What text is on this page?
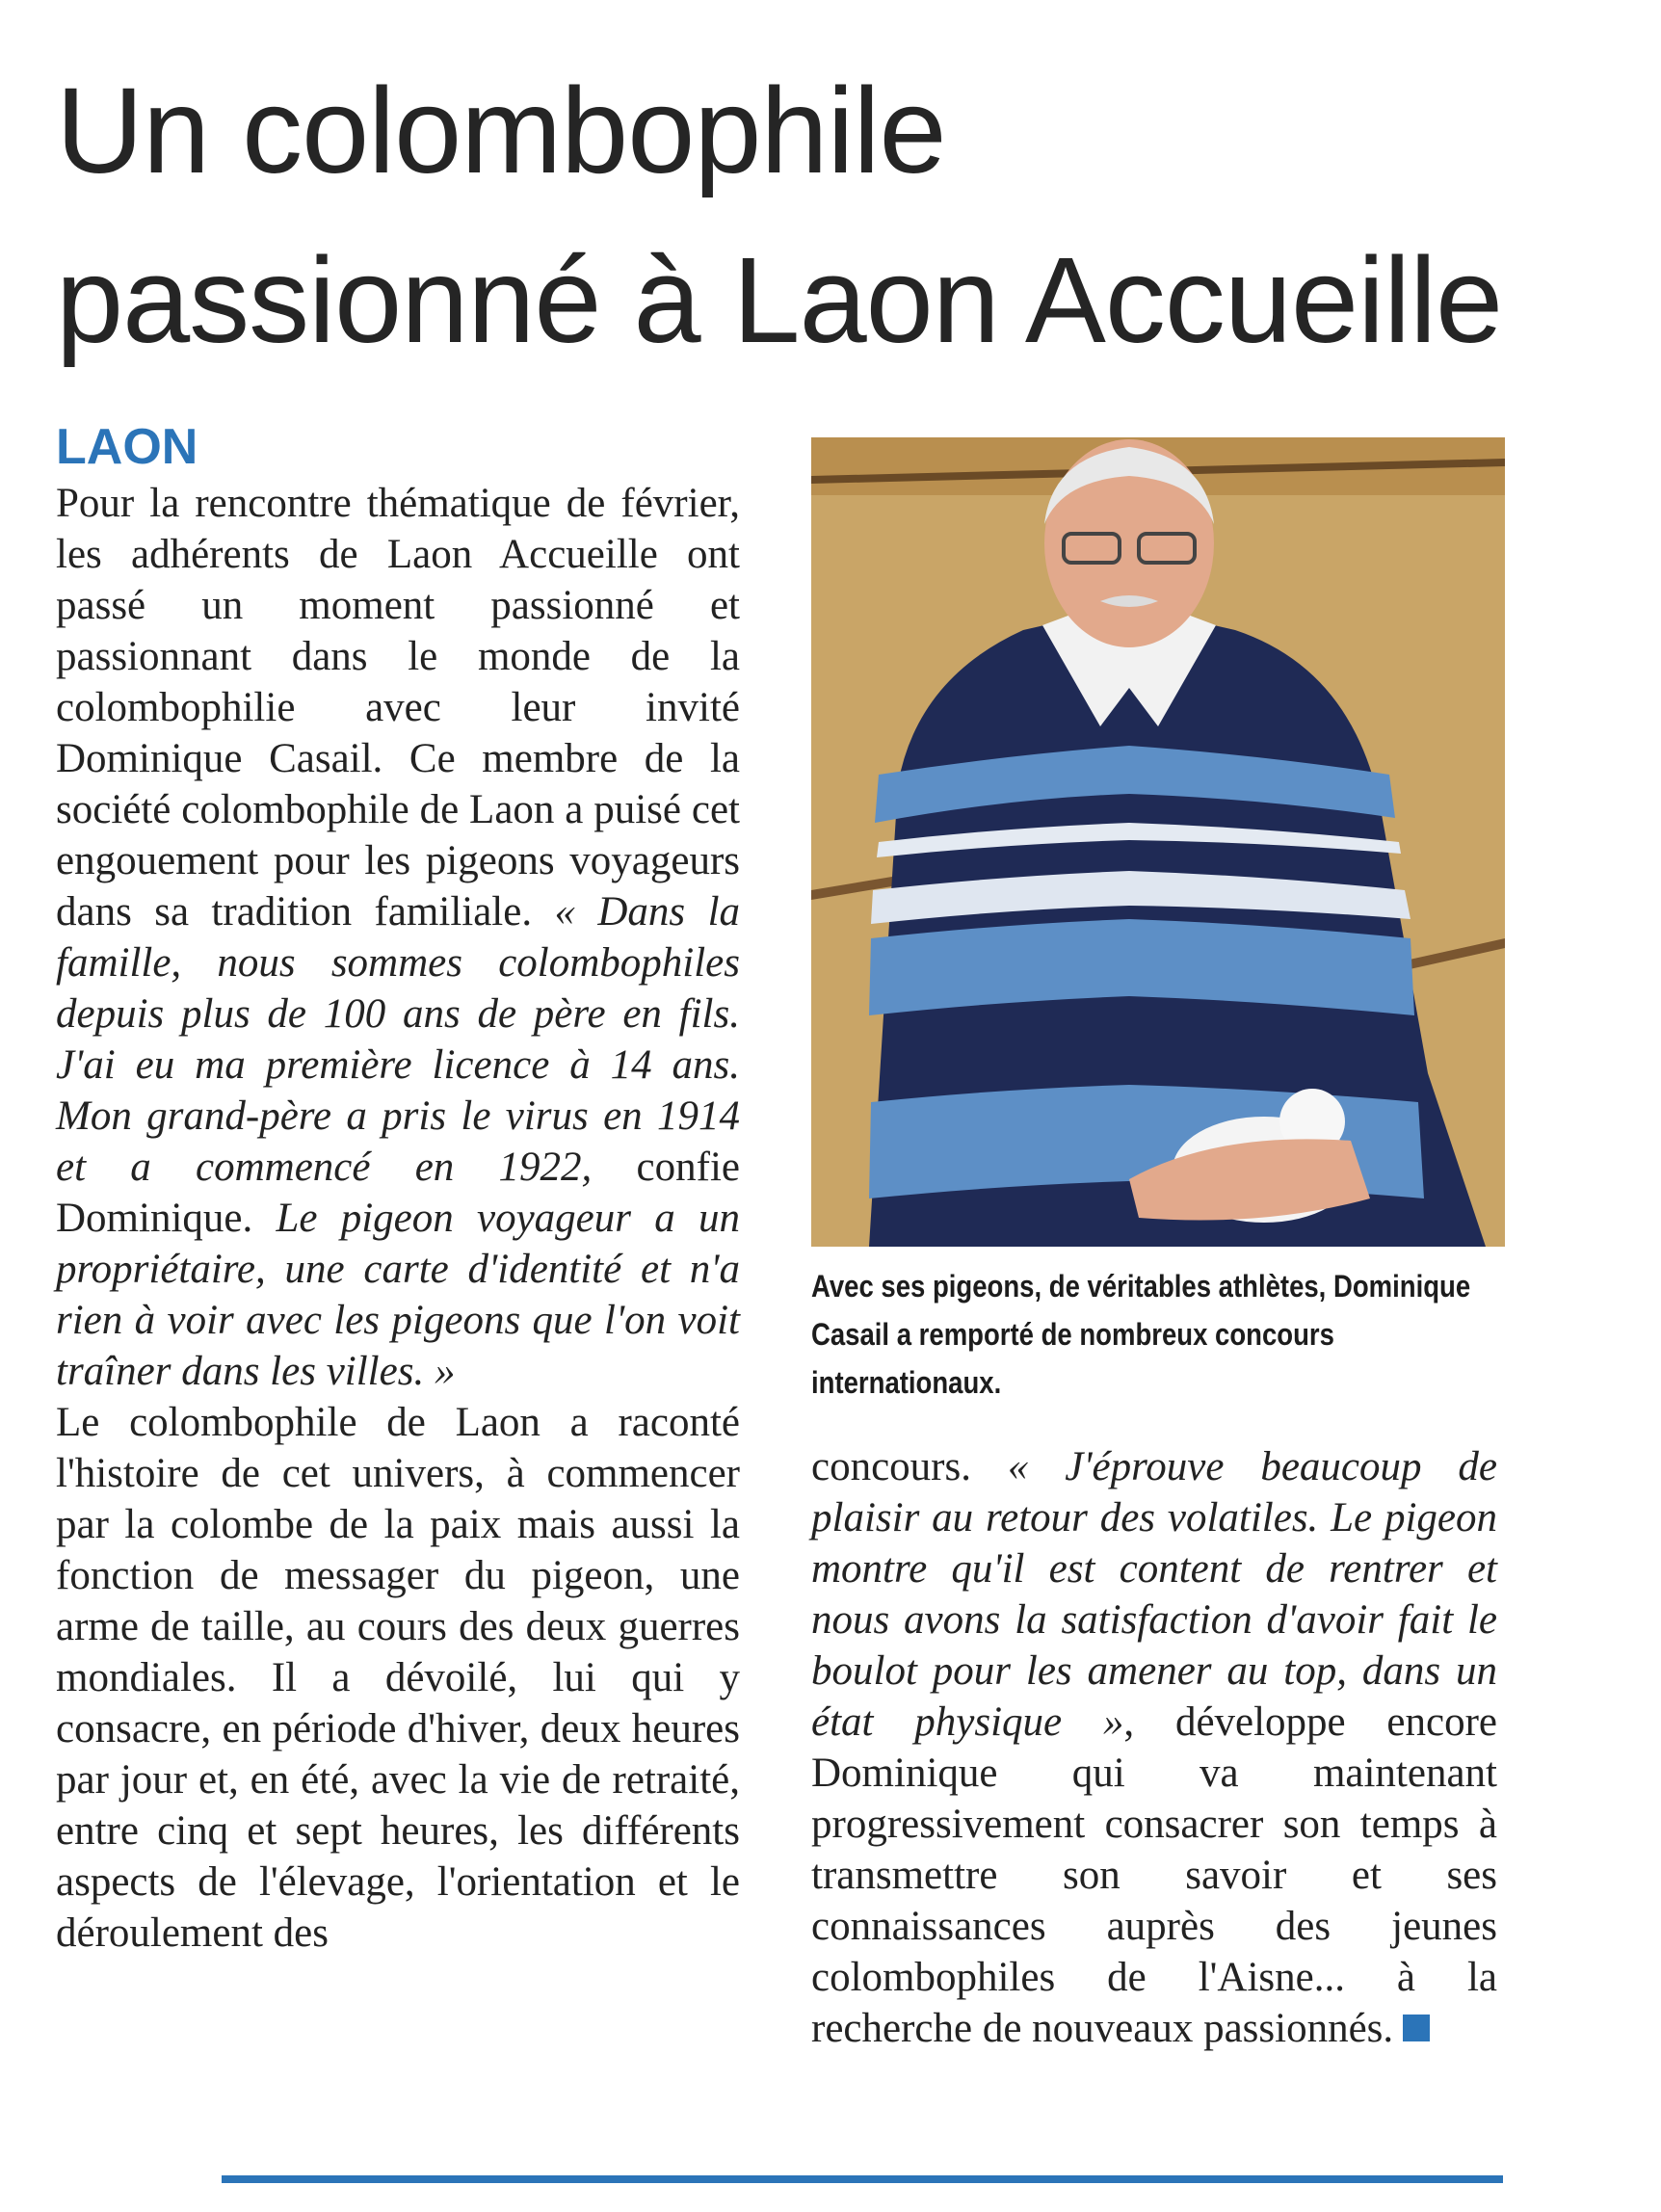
Un colombophile
passionné à Laon Accueille
LAON

Pour la rencontre thématique de février, les adhérents de Laon Accueille ont passé un moment passionné et passionnant dans le monde de la colombophilie avec leur invité Dominique Casail. Ce membre de la société colombophile de Laon a puisé cet engouement pour les pigeons voyageurs dans sa tradition familiale. « Dans la famille, nous sommes colombophiles depuis plus de 100 ans de père en fils. J'ai eu ma première licence à 14 ans. Mon grand-père a pris le virus en 1914 et a commencé en 1922, confie Dominique. Le pigeon voyageur a un propriétaire, une carte d'identité et n'a rien à voir avec les pigeons que l'on voit traîner dans les villes. »

Le colombophile de Laon a raconté l'histoire de cet univers, à commencer par la colombe de la paix mais aussi la fonction de messager du pigeon, une arme de taille, au cours des deux guerres mondiales. Il a dévoilé, lui qui y consacre, en période d'hiver, deux heures par jour et, en été, avec la vie de retraité, entre cinq et sept heures, les différents aspects de l'élevage, l'orientation et le déroulement des

Avec ses pigeons, de véritables athlètes, Dominique Casail a remporté de nombreux concours internationaux.

concours. « J'éprouve beaucoup de plaisir au retour des volatiles. Le pigeon montre qu'il est content de rentrer et nous avons la satisfaction d'avoir fait le boulot pour les amener au top, dans un état physique », développe encore Dominique qui va maintenant progressivement consacrer son temps à transmettre son savoir et ses connaissances auprès des jeunes colombophiles de l'Aisne... à la recherche de nouveaux passionnés.
